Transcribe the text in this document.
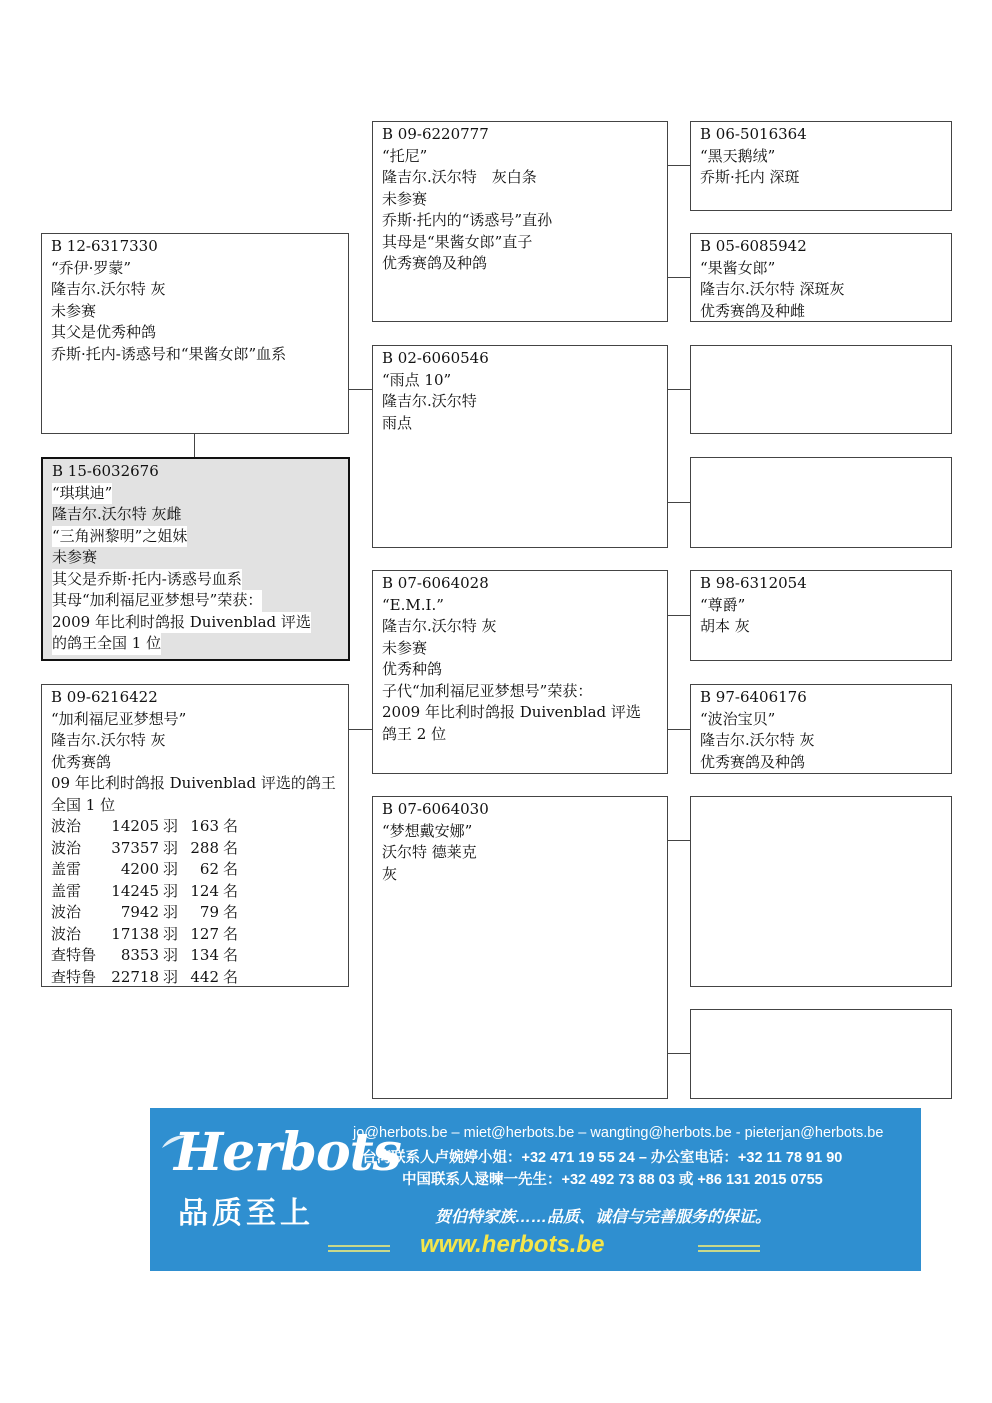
B 06-5016364
“黑天鹅绒”
乔斯·托内 深斑
B 05-6085942
“果酱女郎”
隆吉尔.沃尔特 深斑灰
优秀赛鸽及种雌
B 98-6312054
“尊爵”
胡本 灰
B 97-6406176
“波治宝贝”
隆吉尔.沃尔特 灰
优秀赛鸽及种鸽
B 09-6220777
“托尼”
隆吉尔.沃尔特　灰白条
未参赛
乔斯·托内的“诱惑号”直孙
其母是“果酱女郎”直子
优秀赛鸽及种鸽
B 02-6060546
“雨点 10”
隆吉尔.沃尔特
雨点
B 07-6064028
“E.M.I.”
隆吉尔.沃尔特 灰
未参赛
优秀种鸽
子代“加利福尼亚梦想号”荣获：
2009 年比利时鸽报 Duivenblad 评选
鸽王 2 位
B 07-6064030
“梦想戴安娜”
沃尔特 德莱克
灰
B 12-6317330
“乔伊·罗蒙”
隆吉尔.沃尔特 灰
未参赛
其父是优秀种鸽
乔斯·托内-诱惑号和“果酱女郎”血系
B 15-6032676
“琪琪迪”
隆吉尔.沃尔特 灰雌
“三角洲黎明”之姐妹
未参赛
其父是乔斯·托内-诱惑号血系 其母“加利福尼亚梦想号”荣获： 2009 年比利时鸽报 Duivenblad 评选 的鸽王全国 1 位
B 09-6216422
“加利福尼亚梦想号”
隆吉尔.沃尔特 灰
优秀赛鸽
09 年比利时鸽报 Duivenblad 评选的鸽王全国 1 位
波治	14205	羽	163	名
波治	37357	羽	288	名
盖雷	4200	羽	62	名
盖雷	14245	羽	124	名
波治	7942	羽	79	名
波治	17138	羽	127	名
查特鲁	8353	羽	134	名
查特鲁	22718	羽	442	名
Herbots
品质至上
jo@herbots.be – miet@herbots.be – wangting@herbots.be - pieterjan@herbots.be
台湾联系人卢婉婷小姐：+32 471 19 55 24 – 办公室电话：+32 11 78 91 90
中国联系人逯暕一先生：+32 492 73 88 03 或 +86 131 2015 0755
贺伯特家族……品质、诚信与完善服务的保证。
www.herbots.be
